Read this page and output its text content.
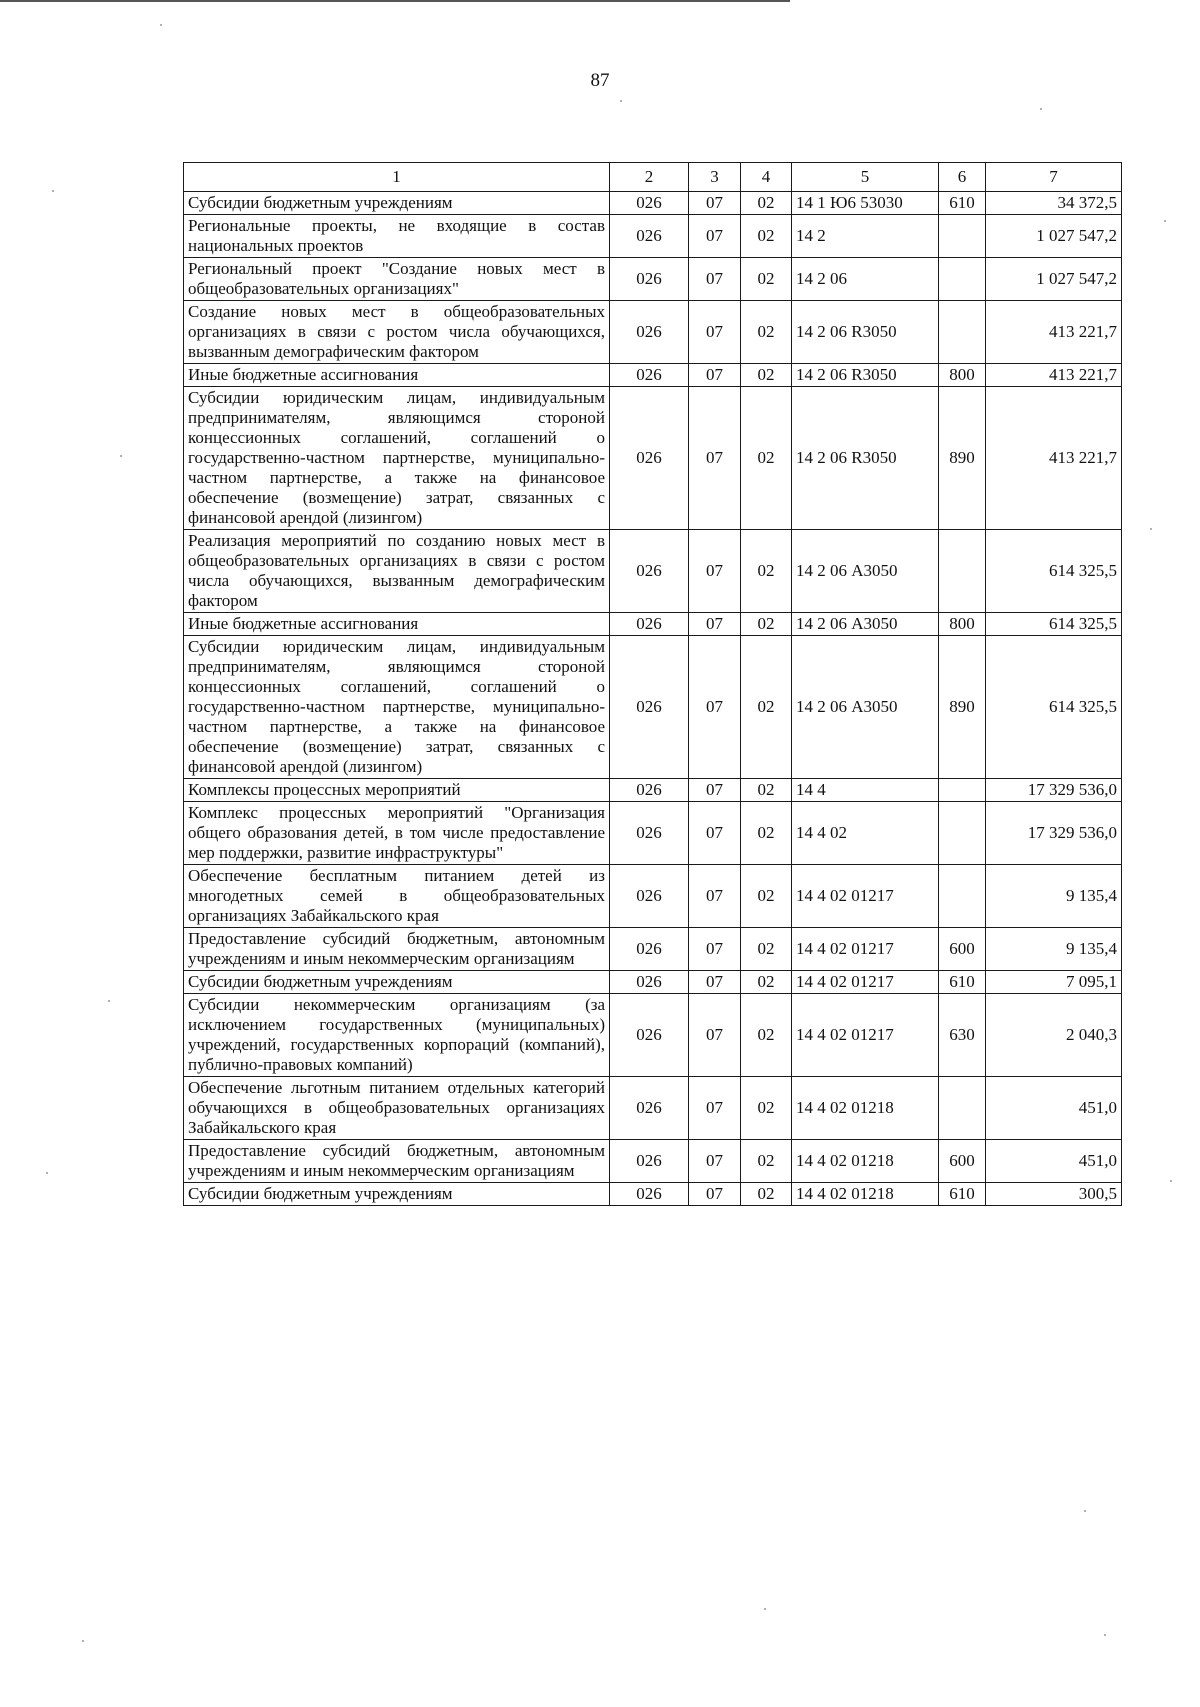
87
1	2	3	4	5	6	7
Субсидии бюджетным учреждениям	026	07	02	14 1 Ю6 53030	610	34 372,5
Региональные проекты, не входящие в состав национальных проектов	026	07	02	14 2		1 027 547,2
Региональный проект "Создание новых мест в общеобразовательных организациях"	026	07	02	14 2 06		1 027 547,2
Создание новых мест в общеобразовательных организациях в связи с ростом числа обучающихся, вызванным демографическим фактором	026	07	02	14 2 06 R3050		413 221,7
Иные бюджетные ассигнования	026	07	02	14 2 06 R3050	800	413 221,7
Субсидии юридическим лицам, индивидуальным предпринимателям, являющимся стороной концессионных соглашений, соглашений о государственно-частном партнерстве, муниципально-частном партнерстве, а также на финансовое обеспечение (возмещение) затрат, связанных с финансовой арендой (лизингом)	026	07	02	14 2 06 R3050	890	413 221,7
Реализация мероприятий по созданию новых мест в общеобразовательных организациях в связи с ростом числа обучающихся, вызванным демографическим фактором	026	07	02	14 2 06 А3050		614 325,5
Иные бюджетные ассигнования	026	07	02	14 2 06 А3050	800	614 325,5
Субсидии юридическим лицам, индивидуальным предпринимателям, являющимся стороной концессионных соглашений, соглашений о государственно-частном партнерстве, муниципально-частном партнерстве, а также на финансовое обеспечение (возмещение) затрат, связанных с финансовой арендой (лизингом)	026	07	02	14 2 06 А3050	890	614 325,5
Комплексы процессных мероприятий	026	07	02	14 4		17 329 536,0
Комплекс процессных мероприятий "Организация общего образования детей, в том числе предоставление мер поддержки, развитие инфраструктуры"	026	07	02	14 4 02		17 329 536,0
Обеспечение бесплатным питанием детей из многодетных семей в общеобразовательных организациях Забайкальского края	026	07	02	14 4 02 01217		9 135,4
Предоставление субсидий бюджетным, автономным учреждениям и иным некоммерческим организациям	026	07	02	14 4 02 01217	600	9 135,4
Субсидии бюджетным учреждениям	026	07	02	14 4 02 01217	610	7 095,1
Субсидии некоммерческим организациям (за исключением государственных (муниципальных) учреждений, государственных корпораций (компаний), публично-правовых компаний)	026	07	02	14 4 02 01217	630	2 040,3
Обеспечение льготным питанием отдельных категорий обучающихся в общеобразовательных организациях Забайкальского края	026	07	02	14 4 02 01218		451,0
Предоставление субсидий бюджетным, автономным учреждениям и иным некоммерческим организациям	026	07	02	14 4 02 01218	600	451,0
Субсидии бюджетным учреждениям	026	07	02	14 4 02 01218	610	300,5
